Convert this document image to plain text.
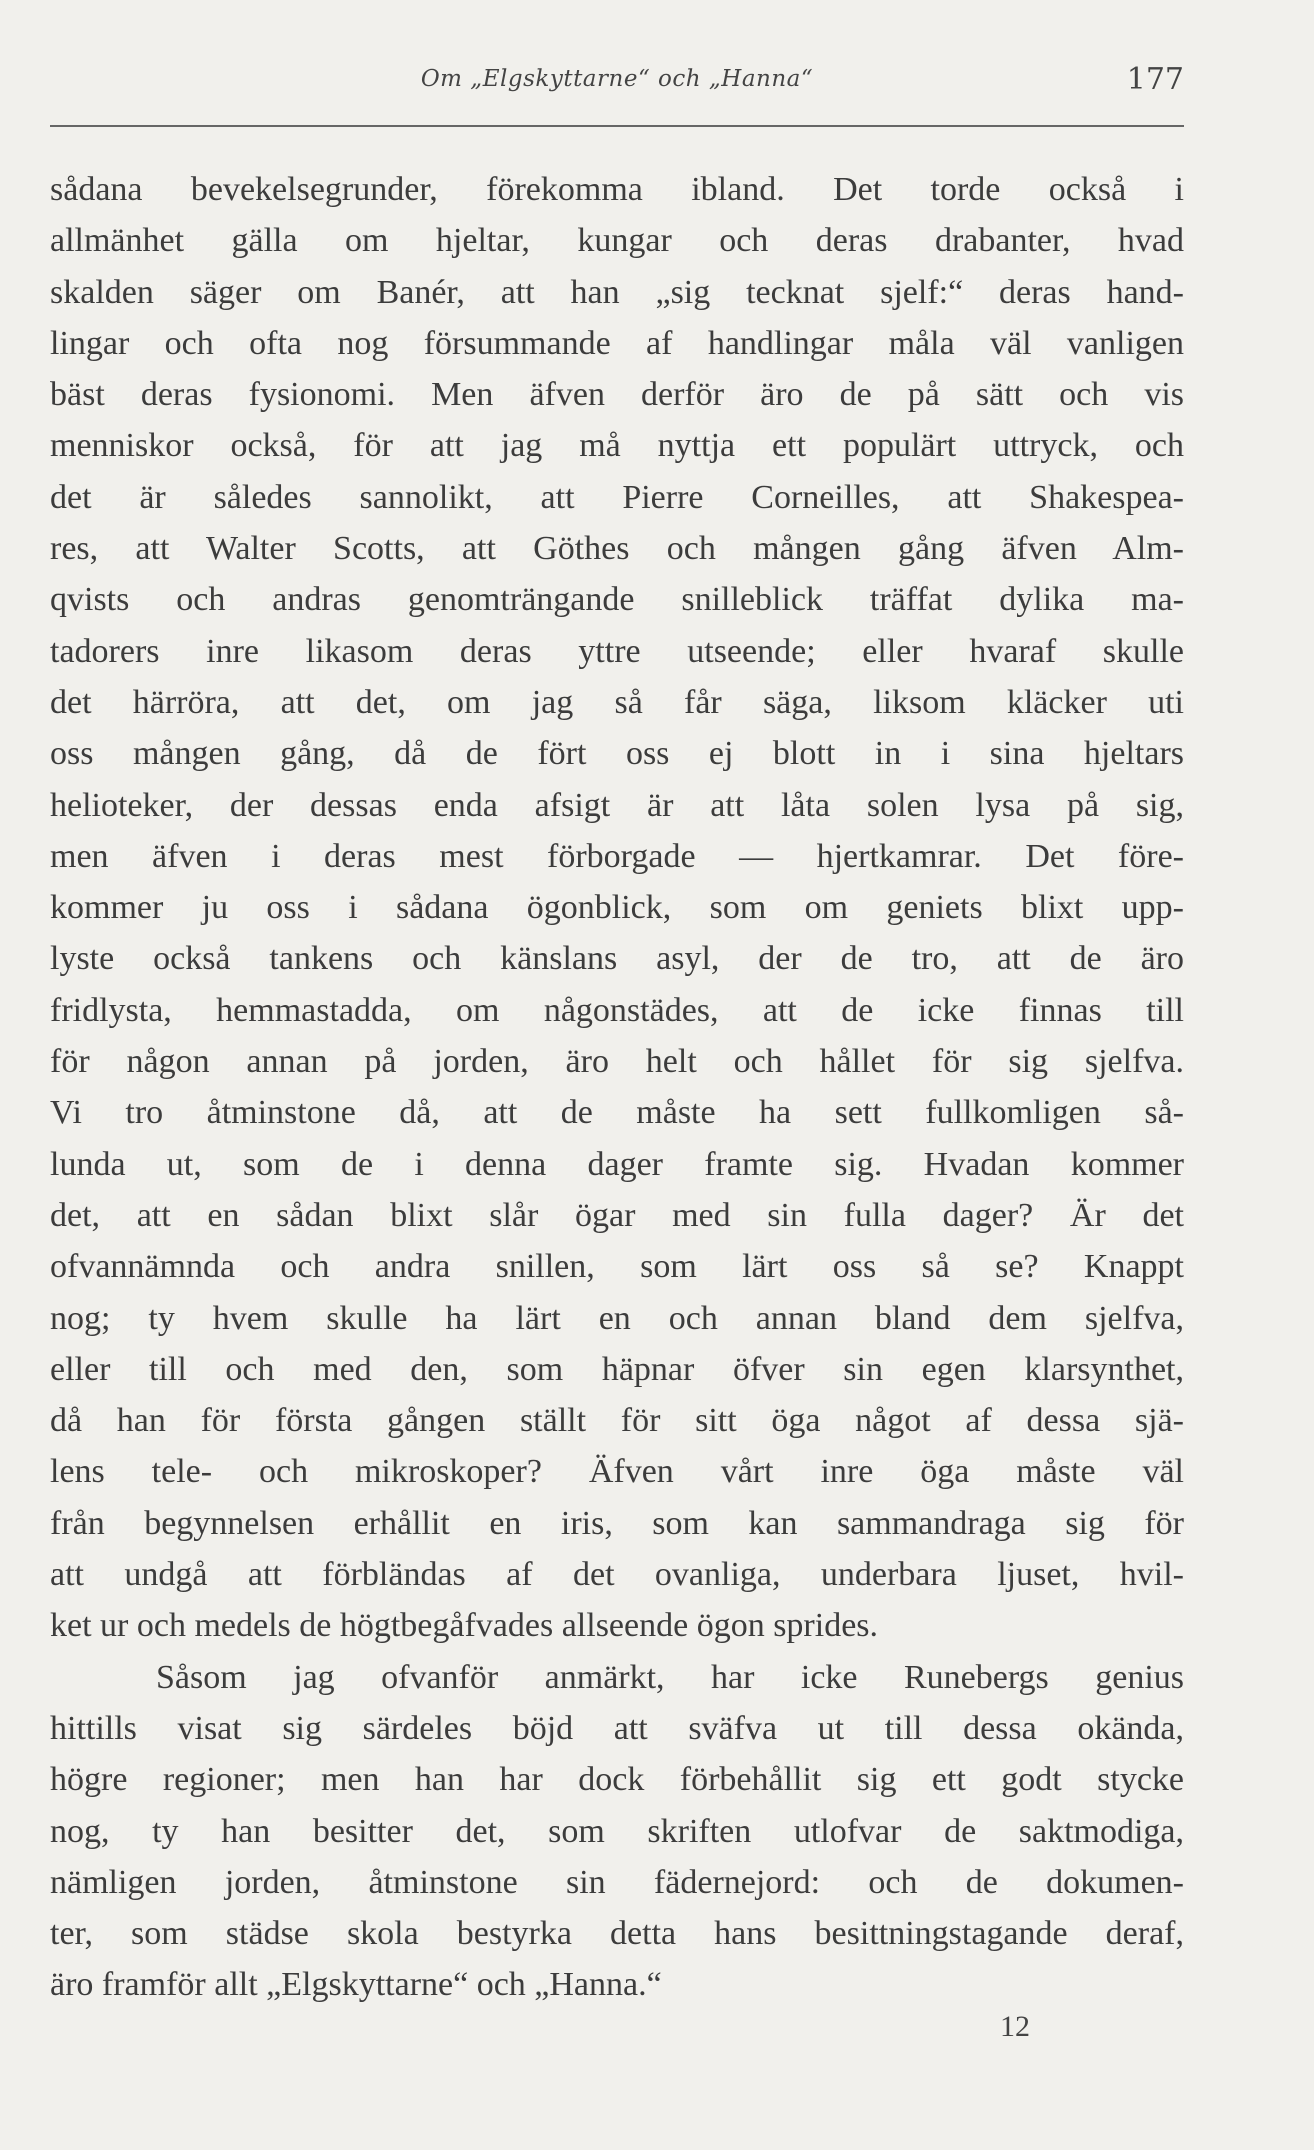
Om „Elgskyttarne“ och „Hanna“	177
sådana bevekelsegrunder, förekomma ibland. Det torde också i
allmänhet gälla om hjeltar, kungar och deras drabanter, hvad
skalden säger om Banér, att han „sig tecknat sjelf:“ deras hand-
lingar och ofta nog försummande af handlingar måla väl vanligen
bäst deras fysionomi. Men äfven derför äro de på sätt och vis
menniskor också, för att jag må nyttja ett populärt uttryck, och
det är således sannolikt, att Pierre Corneilles, att Shakespea-
res, att Walter Scotts, att Göthes och mången gång äfven Alm-
qvists och andras genomträngande snilleblick träffat dylika ma-
tadorers inre likasom deras yttre utseende; eller hvaraf skulle
det härröra, att det, om jag så får säga, liksom kläcker uti
oss mången gång, då de fört oss ej blott in i sina hjeltars
helioteker, der dessas enda afsigt är att låta solen lysa på sig,
men äfven i deras mest förborgade — hjertkamrar. Det före-
kommer ju oss i sådana ögonblick, som om geniets blixt upp-
lyste också tankens och känslans asyl, der de tro, att de äro
fridlysta, hemmastadda, om någonstädes, att de icke finnas till
för någon annan på jorden, äro helt och hållet för sig sjelfva.
Vi tro åtminstone då, att de måste ha sett fullkomligen så-
lunda ut, som de i denna dager framte sig. Hvadan kommer
det, att en sådan blixt slår ögar med sin fulla dager? Är det
ofvannämnda och andra snillen, som lärt oss så se? Knappt
nog; ty hvem skulle ha lärt en och annan bland dem sjelfva,
eller till och med den, som häpnar öfver sin egen klarsynthet,
då han för första gången ställt för sitt öga något af dessa sjä-
lens tele- och mikroskoper? Äfven vårt inre öga måste väl
från begynnelsen erhållit en iris, som kan sammandraga sig för
att undgå att förbländas af det ovanliga, underbara ljuset, hvil-
ket ur och medels de högtbegåfvades allseende ögon sprides.
Såsom jag ofvanför anmärkt, har icke Runebergs genius
hittills visat sig särdeles böjd att sväfva ut till dessa okända,
högre regioner; men han har dock förbehållit sig ett godt stycke
nog, ty han besitter det, som skriften utlofvar de saktmodiga,
nämligen jorden, åtminstone sin fädernejord: och de dokumen-
ter, som städse skola bestyrka detta hans besittningstagande deraf,
äro framför allt „Elgskyttarne“ och „Hanna.“
12
